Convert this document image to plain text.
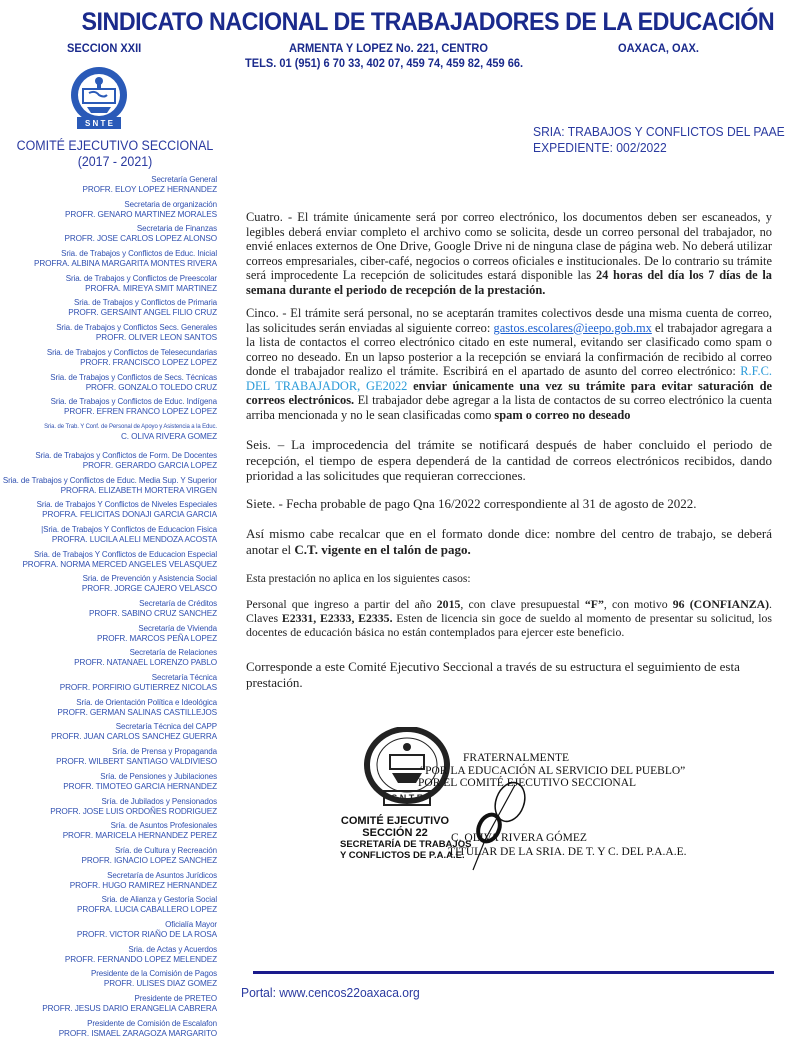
SINDICATO NACIONAL DE TRABAJADORES DE LA EDUCACIÓN
SECCION XXII	ARMENTA Y LOPEZ No. 221, CENTRO	OAXACA, OAX.
TELS. 01 (951) 6 70 33, 402 07, 459 74, 459 82, 459 66.
S N T E
COMITÉ EJECUTIVO SECCIONAL
(2017 - 2021)
SRIA: TRABAJOS Y CONFLICTOS DEL PAAE
EXPEDIENTE: 002/2022
Secretaría General
PROFR. ELOY LOPEZ HERNANDEZ
Secretaria de organización
PROFR. GENARO MARTINEZ MORALES
Secretaria de Finanzas
PROFR. JOSE CARLOS LOPEZ ALONSO
Sria. de Trabajos y Conflictos de Educ. Inicial
PROFRA. ALBINA MARGARITA MONTES RIVERA
Sria. de Trabajos y Conflictos de Preescolar
PROFRA. MIREYA SMIT MARTINEZ
Sria. de Trabajos y Conflictos de Primaria
PROFR. GERSAINT ANGEL FILIO CRUZ
Sria. de Trabajos y Conflictos Secs. Generales
PROFR. OLIVER LEON SANTOS
Sria. de Trabajos y Conflictos de Telesecundarias
PROFR. FRANCISCO LOPEZ LOPEZ
Sria. de Trabajos y Conflictos de Secs. Técnicas
PROFR. GONZALO TOLEDO CRUZ
Sria. de Trabajos y Conflictos de Educ. Indígena
PROFR. EFREN FRANCO LOPEZ LOPEZ
Sria. de Trab. Y Conf. de Personal de Apoyo y Asistencia a la Educ.
C. OLIVA RIVERA GOMEZ
Sria. de Trabajos y Conflictos de Form. De Docentes
PROFR. GERARDO GARCIA LOPEZ
Sria. de Trabajos y Conflictos de Educ. Media Sup. Y Superior
PROFRA. ELIZABETH MORTERA VIRGEN
Sria. de Trabajos Y Conflictos de Niveles Especiales
PROFRA. FELICITAS DONAJI GARCIA GARCIA
|Sria. de Trabajos Y Conflictos de Educacion Fisica
PROFRA. LUCILA ALELI MENDOZA ACOSTA
Sria. de Trabajos Y Conflictos de Educacion Especial
PROFRA. NORMA MERCED ANGELES VELASQUEZ
Sria. de Prevención y Asistencia Social
PROFR. JORGE CAJERO VELASCO
Secretaría de Créditos
PROFR. SABINO CRUZ SANCHEZ
Secretaría de Vivienda
PROFR. MARCOS PEÑA LOPEZ
Secretaría de Relaciones
PROFR. NATANAEL LORENZO PABLO
Secretaría Técnica
PROFR. PORFIRIO GUTIERREZ NICOLAS
Sría. de Orientación Política e Ideológica
PROFR. GERMAN SALINAS CASTILLEJOS
Secretaría Técnica del CAPP
PROFR. JUAN CARLOS SANCHEZ GUERRA
Sría. de Prensa y Propaganda
PROFR. WILBERT SANTIAGO VALDIVIESO
Sría. de Pensiones y Jubilaciones
PROFR. TIMOTEO GARCIA HERNANDEZ
Sría. de Jubilados y Pensionados
PROFR. JOSE LUIS ORDOÑES RODRIGUEZ
Sría. de Asuntos Profesionales
PROFR. MARICELA HERNANDEZ PEREZ
Sría. de Cultura y Recreación
PROFR. IGNACIO LOPEZ SANCHEZ
Secretaría de Asuntos Jurídicos
PROFR. HUGO RAMIREZ HERNANDEZ
Sria. de Alianza y Gestoría Social
PROFRA. LUCIA CABALLERO LOPEZ
Oficialía Mayor
PROFR. VICTOR RIAÑO DE LA ROSA
Sria. de Actas y Acuerdos
PROFR. FERNANDO LOPEZ MELENDEZ
Presidente de la Comisión de Pagos
PROFR. ULISES DIAZ GOMEZ
Presidente de PRETEO
PROFR. JESUS DARIO ERANGELIA CABRERA
Presidente de Comisión de Escalafon
PROFR. ISMAEL ZARAGOZA MARGARITO

Cuatro. - El trámite únicamente será por correo electrónico, los documentos deben ser escaneados, y legibles deberá enviar completo el archivo como se solicita, desde un correo personal del trabajador, no envié enlaces externos de One Drive, Google Drive ni de ninguna clase de página web. No deberá utilizar correos empresariales, ciber-café, negocios o correos oficiales e institucionales. De lo contrario su trámite será improcedente La recepción de solicitudes estará disponible las 24 horas del día los 7 días de la semana durante el periodo de recepción de la prestación.

Cinco. - El trámite será personal, no se aceptarán tramites colectivos desde una misma cuenta de correo, las solicitudes serán enviadas al siguiente correo: gastos.escolares@ieepo.gob.mx el trabajador agregara a la lista de contactos el correo electrónico citado en este numeral, evitando ser clasificado como spam o correo no deseado. En un lapso posterior a la recepción se enviará la confirmación de recibido al correo donde el trabajador realizo el trámite. Escribirá en el apartado de asunto del correo electrónico: R.F.C. DEL TRABAJADOR, GE2022 enviar únicamente una vez su trámite para evitar saturación de correos electrónicos. El trabajador debe agregar a la lista de contactos de su correo electrónico la cuenta arriba mencionada y no le sean clasificadas como spam o correo no deseado

Seis. – La improcedencia del trámite se notificará después de haber concluido el periodo de recepción, el tiempo de espera dependerá de la cantidad de correos electrónicos recibidos, dando prioridad a las solicitudes que requieran correcciones.

Siete. - Fecha probable de pago Qna 16/2022 correspondiente al 31 de agosto de 2022.

Así mismo cabe recalcar que en el formato donde dice: nombre del centro de trabajo, se deberá anotar el C.T. vigente en el talón de pago.

Esta prestación no aplica en los siguientes casos:

Personal que ingreso a partir del año 2015, con clave presupuestal “F”, con motivo 96 (CONFIANZA). Claves E2331, E2333, E2335. Esten de licencia sin goce de sueldo al momento de presentar su solicitud, los docentes de educación básica no están contemplados para ejercer este beneficio.

Corresponde a este Comité Ejecutivo Seccional a través de su estructura el seguimiento de esta prestación.

S N T E
COMITÉ EJECUTIVO
SECCIÓN 22
SECRETARÍA DE TRABAJOS
Y CONFLICTOS DE P.A.A.E.
FRATERNALMENTE
“POR LA EDUCACIÓN AL SERVICIO DEL PUEBLO”
POR EL COMITÉ EJECUTIVO SECCIONAL
C. OLIVA RIVERA GÓMEZ
TITULAR DE LA SRIA. DE T. Y C. DEL P.A.A.E.
Portal: www.cencos22oaxaca.org
